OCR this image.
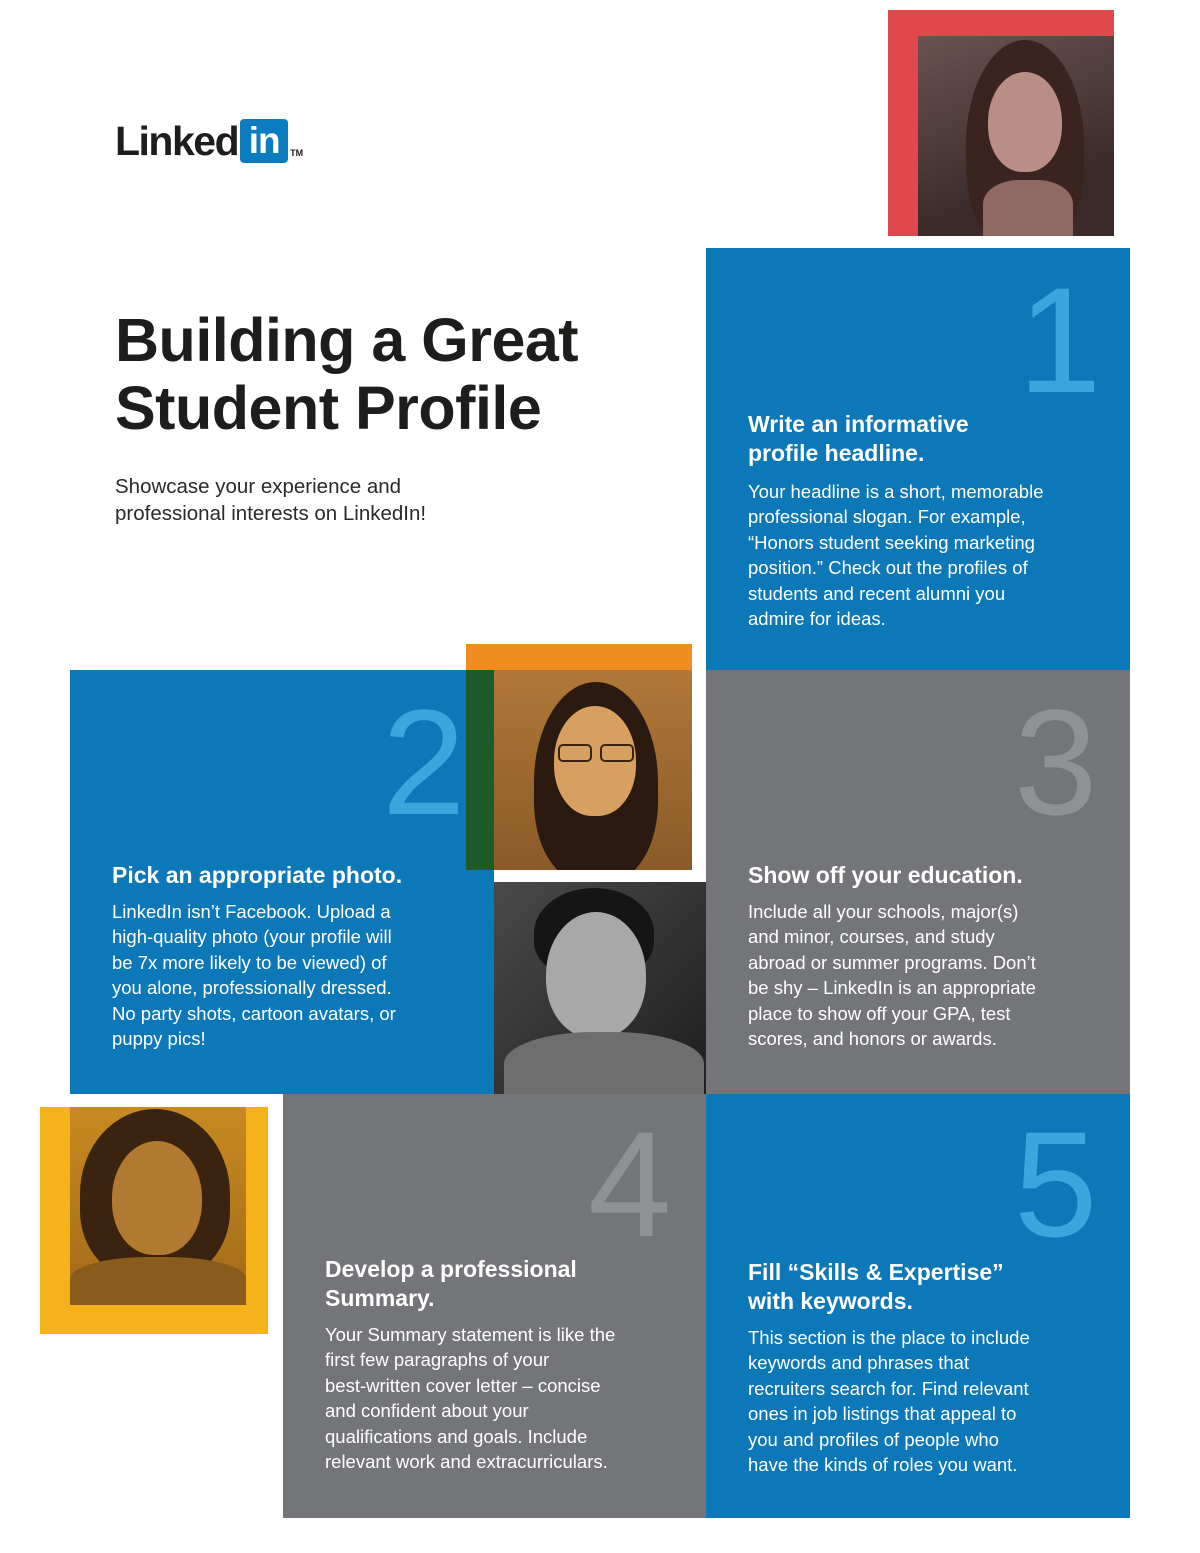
Linked in	TM
Building a Great
Student Profile

Showcase your experience and
professional interests on LinkedIn!

1
Write an informative
profile headline.

Your headline is a short, memorable
professional slogan. For example,
“Honors student seeking marketing
position.” Check out the profiles of
students and recent alumni you
admire for ideas.

2
Pick an appropriate photo.

LinkedIn isn’t Facebook. Upload a
high-quality photo (your profile will
be 7x more likely to be viewed) of
you alone, professionally dressed.
No party shots, cartoon avatars, or
puppy pics!

3
Show off your education.

Include all your schools, major(s)
and minor, courses, and study
abroad or summer programs. Don’t
be shy – LinkedIn is an appropriate
place to show off your GPA, test
scores, and honors or awards.

4
Develop a professional
Summary.

Your Summary statement is like the
first few paragraphs of your
best-written cover letter – concise
and confident about your
qualifications and goals. Include
relevant work and extracurriculars.

5
Fill “Skills & Expertise”
with keywords.

This section is the place to include
keywords and phrases that
recruiters search for. Find relevant
ones in job listings that appeal to
you and profiles of people who
have the kinds of roles you want.
